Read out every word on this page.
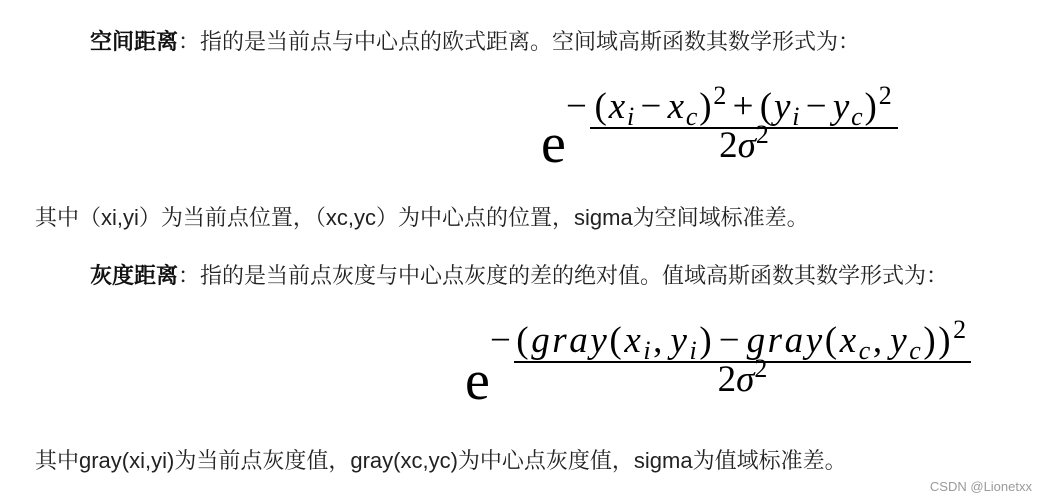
空间距离：指的是当前点与中心点的欧式距离。空间域高斯函数其数学形式为：
e
− $\frac{(xi - xc)^2 + (yi - yc)^2}{2\sigma^2}$
其中（xi,yi）为当前点位置，（xc,yc）为中心点的位置，sigma为空间域标准差。
灰度距离：指的是当前点灰度与中心点灰度的差的绝对值。值域高斯函数其数学形式为：
e
− (gray(xi, yi) − gray(xc, yc))$^2$
$2\sigma^2$
其中gray(xi,yi)为当前点灰度值，gray(xc,yc)为中心点灰度值，sigma为值域标准差。
CSDN @Lionetxx
